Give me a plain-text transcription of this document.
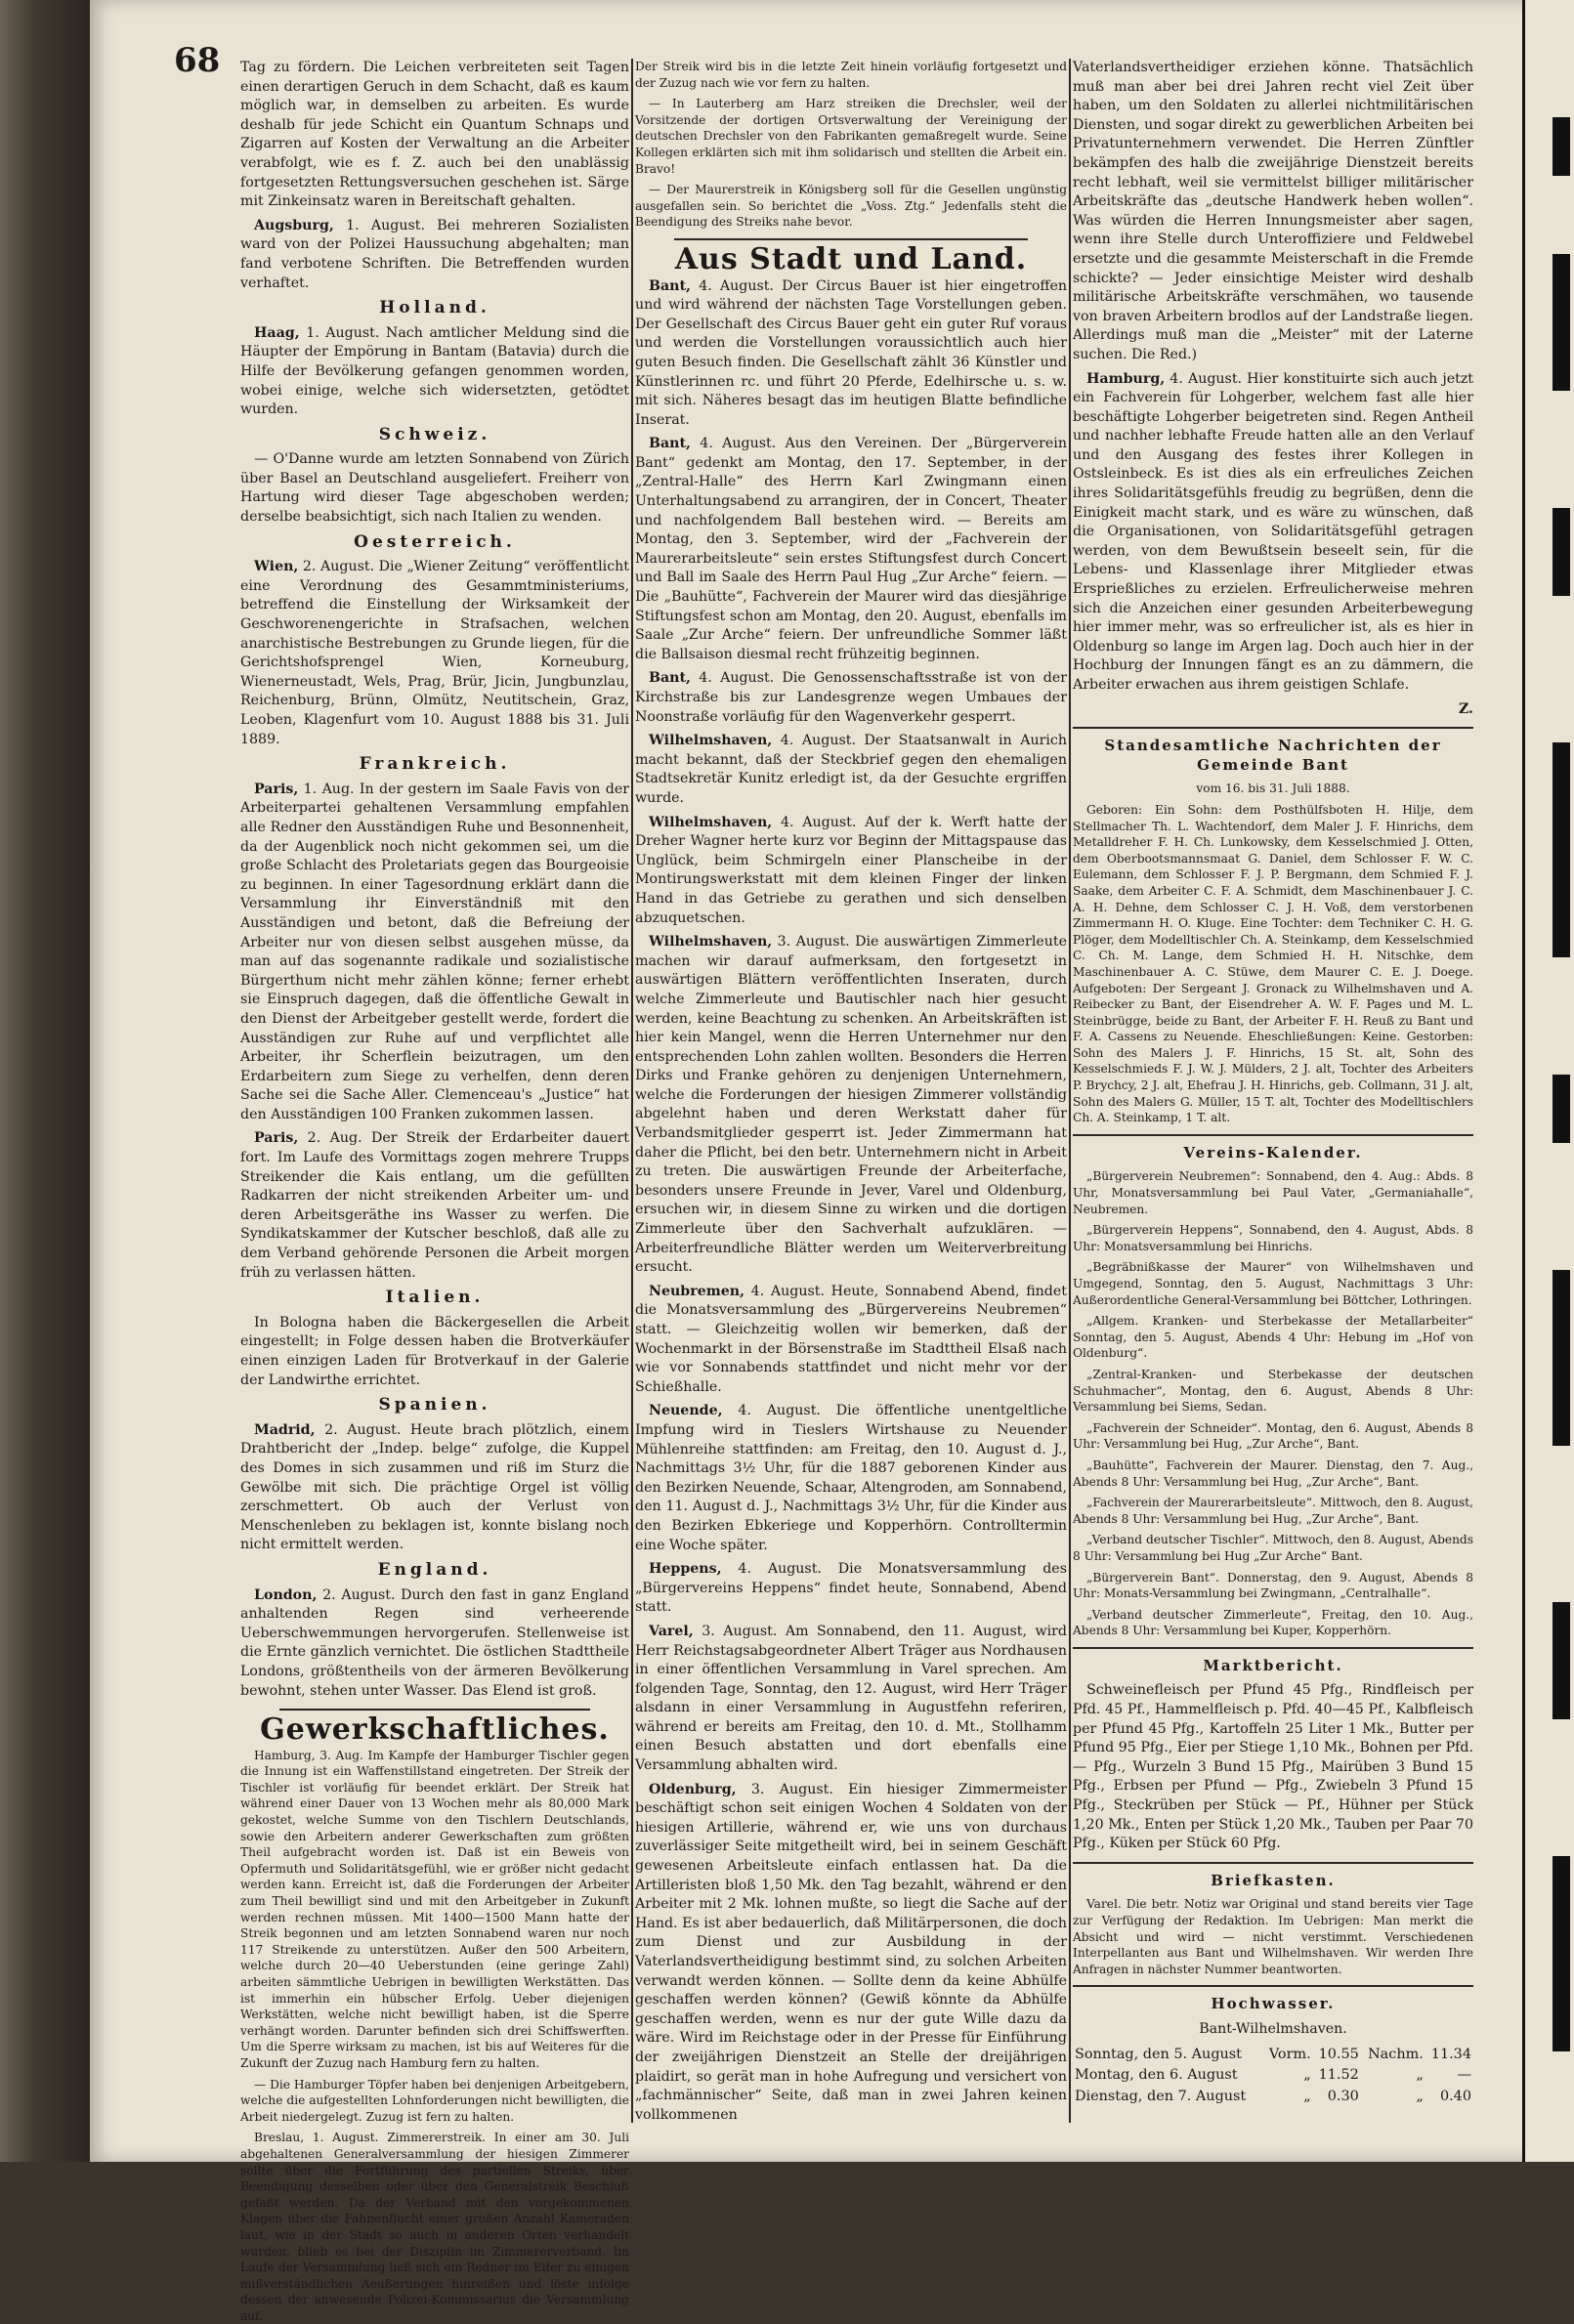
68 Tag zu fördern. Die Leichen verbreiteten seit Tagen einen derartigen Geruch in dem Schacht, daß es kaum möglich war, in demselben zu arbeiten. Es wurde deshalb für jede Schicht ein Quantum Schnaps und Zigarren auf Kosten der Verwaltung an die Arbeiter verabfolgt, wie es f. Z. auch bei den unablässig fortgesetzten Rettungsversuchen geschehen ist. Särge mit Zinkeinsatz waren in Bereitschaft gehalten.

Augsburg, 1. August. Bei mehreren Sozialisten ward von der Polizei Haussuchung abgehalten; man fand verbotene Schriften. Die Betreffenden wurden verhaftet.

Holland.

Haag, 1. August. Nach amtlicher Meldung sind die Häupter der Empörung in Bantam (Batavia) durch die Hilfe der Bevölkerung gefangen genommen worden, wobei einige, welche sich widersetzten, getödtet wurden.

Schweiz.

— O'Danne wurde am letzten Sonnabend von Zürich über Basel an Deutschland ausgeliefert. Freiherr von Hartung wird dieser Tage abgeschoben werden; derselbe beabsichtigt, sich nach Italien zu wenden.

Oesterreich.

Wien, 2. August. Die „Wiener Zeitung“ veröffentlicht eine Verordnung des Gesammtministeriums, betreffend die Einstellung der Wirksamkeit der Geschworenengerichte in Strafsachen, welchen anarchistische Bestrebungen zu Grunde liegen, für die Gerichtshofsprengel Wien, Korneuburg, Wienerneustadt, Wels, Prag, Brür, Jicin, Jungbunzlau, Reichenburg, Brünn, Olmütz, Neutitschein, Graz, Leoben, Klagenfurt vom 10. August 1888 bis 31. Juli 1889.

Frankreich.

Paris, 1. Aug. In der gestern im Saale Favis von der Arbeiterpartei gehaltenen Versammlung empfahlen alle Redner den Ausständigen Ruhe und Besonnenheit, da der Augenblick noch nicht gekommen sei, um die große Schlacht des Proletariats gegen das Bourgeoisie zu beginnen. In einer Tagesordnung erklärt dann die Versammlung ihr Einverständniß mit den Ausständigen und betont, daß die Befreiung der Arbeiter nur von diesen selbst ausgehen müsse, da man auf das sogenannte radikale und sozialistische Bürgerthum nicht mehr zählen könne; ferner erhebt sie Einspruch dagegen, daß die öffentliche Gewalt in den Dienst der Arbeitgeber gestellt werde, fordert die Ausständigen zur Ruhe auf und verpflichtet alle Arbeiter, ihr Scherflein beizutragen, um den Erdarbeitern zum Siege zu verhelfen, denn deren Sache sei die Sache Aller. Clemenceau's „Justice“ hat den Ausständigen 100 Franken zukommen lassen.

Paris, 2. Aug. Der Streik der Erdarbeiter dauert fort. Im Laufe des Vormittags zogen mehrere Trupps Streikender die Kais entlang, um die gefüllten Radkarren der nicht streikenden Arbeiter um- und deren Arbeitsgeräthe ins Wasser zu werfen. Die Syndikatskammer der Kutscher beschloß, daß alle zu dem Verband gehörende Personen die Arbeit morgen früh zu verlassen hätten.

Italien.

In Bologna haben die Bäckergesellen die Arbeit eingestellt; in Folge dessen haben die Brotverkäufer einen einzigen Laden für Brotverkauf in der Galerie der Landwirthe errichtet.

Spanien.

Madrid, 2. August. Heute brach plötzlich, einem Drahtbericht der „Indep. belge“ zufolge, die Kuppel des Domes in sich zusammen und riß im Sturz die Gewölbe mit sich. Die prächtige Orgel ist völlig zerschmettert. Ob auch der Verlust von Menschenleben zu beklagen ist, konnte bislang noch nicht ermittelt werden.

England.

London, 2. August. Durch den fast in ganz England anhaltenden Regen sind verheerende Ueberschwemmungen hervorgerufen. Stellenweise ist die Ernte gänzlich vernichtet. Die östlichen Stadttheile Londons, größtentheils von der ärmeren Bevölkerung bewohnt, stehen unter Wasser. Das Elend ist groß.

Gewerkschaftliches.

Hamburg, 3. Aug. Im Kampfe der Hamburger Tischler gegen die Innung ist ein Waffenstillstand eingetreten. Der Streik der Tischler ist vorläufig für beendet erklärt. Der Streik hat während einer Dauer von 13 Wochen mehr als 80,000 Mark gekostet, welche Summe von den Tischlern Deutschlands, sowie den Arbeitern anderer Gewerkschaften zum größten Theil aufgebracht worden ist. Daß ist ein Beweis von Opfermuth und Solidaritätsgefühl, wie er größer nicht gedacht werden kann. Erreicht ist, daß die Forderungen der Arbeiter zum Theil bewilligt sind und mit den Arbeitgeber in Zukunft werden rechnen müssen. Mit 1400—1500 Mann hatte der Streik begonnen und am letzten Sonnabend waren nur noch 117 Streikende zu unterstützen. Außer den 500 Arbeitern, welche durch 20—40 Ueberstunden (eine geringe Zahl) arbeiten sämmtliche Uebrigen in bewilligten Werkstätten. Das ist immerhin ein hübscher Erfolg. Ueber diejenigen Werkstätten, welche nicht bewilligt haben, ist die Sperre verhängt worden. Darunter befinden sich drei Schiffswerften. Um die Sperre wirksam zu machen, ist bis auf Weiteres für die Zukunft der Zuzug nach Hamburg fern zu halten.

— Die Hamburger Töpfer haben bei denjenigen Arbeitgebern, welche die aufgestellten Lohnforderungen nicht bewilligten, die Arbeit niedergelegt. Zuzug ist fern zu halten.

Breslau, 1. August. Zimmererstreik. In einer am 30. Juli abgehaltenen Generalversammlung der hiesigen Zimmerer sollte über die Fortführung des partiellen Streiks, über Beendigung desselben oder über den Generalstreik Beschluß gefaßt werden. Da der Verband mit den vorgekommenen Klagen über die Fahnenflucht einer großen Anzahl Kameraden laut, wie in der Stadt so auch in anderen Orten verhandelt wurden, blieb es bei der Disziplin im Zimmererverband. Im Laufe der Versammlung ließ sich ein Redner im Eifer zu einigen mißverständlichen Aeußerungen hinreißen und löste infolge dessen der anwesende Polizei-Kommissarius die Versammlung auf.

Der Streik wird bis in die letzte Zeit hinein vorläufig fortgesetzt und der Zuzug nach wie vor fern zu halten.

— In Lauterberg am Harz streiken die Drechsler, weil der Vorsitzende der dortigen Ortsverwaltung der Vereinigung der deutschen Drechsler von den Fabrikanten gemaßregelt wurde. Seine Kollegen erklärten sich mit ihm solidarisch und stellten die Arbeit ein. Bravo!

— Der Maurerstreik in Königsberg soll für die Gesellen ungünstig ausgefallen sein. So berichtet die „Voss. Ztg.“ Jedenfalls steht die Beendigung des Streiks nahe bevor.

Aus Stadt und Land.

Bant, 4. August. Der Circus Bauer ist hier eingetroffen und wird während der nächsten Tage Vorstellungen geben. Der Gesellschaft des Circus Bauer geht ein guter Ruf voraus und werden die Vorstellungen voraussichtlich auch hier guten Besuch finden. Die Gesellschaft zählt 36 Künstler und Künstlerinnen rc. und führt 20 Pferde, Edelhirsche u. s. w. mit sich. Näheres besagt das im heutigen Blatte befindliche Inserat.

Bant, 4. August. Aus den Vereinen. Der „Bürgerverein Bant“ gedenkt am Montag, den 17. September, in der „Zentral-Halle“ des Herrn Karl Zwingmann einen Unterhaltungsabend zu arrangiren, der in Concert, Theater und nachfolgendem Ball bestehen wird. — Bereits am Montag, den 3. September, wird der „Fachverein der Maurerarbeitsleute“ sein erstes Stiftungsfest durch Concert und Ball im Saale des Herrn Paul Hug „Zur Arche“ feiern. — Die „Bauhütte“, Fachverein der Maurer wird das diesjährige Stiftungsfest schon am Montag, den 20. August, ebenfalls im Saale „Zur Arche“ feiern. Der unfreundliche Sommer läßt die Ballsaison diesmal recht frühzeitig beginnen.

Bant, 4. August. Die Genossenschaftsstraße ist von der Kirchstraße bis zur Landesgrenze wegen Umbaues der Noonstraße vorläufig für den Wagenverkehr gesperrt.

Wilhelmshaven, 4. August. Der Staatsanwalt in Aurich macht bekannt, daß der Steckbrief gegen den ehemaligen Stadtsekretär Kunitz erledigt ist, da der Gesuchte ergriffen wurde.

Wilhelmshaven, 4. August. Auf der k. Werft hatte der Dreher Wagner herte kurz vor Beginn der Mittagspause das Unglück, beim Schmirgeln einer Planscheibe in der Montirungswerkstatt mit dem kleinen Finger der linken Hand in das Getriebe zu gerathen und sich denselben abzuquetschen.

Wilhelmshaven, 3. August. Die auswärtigen Zimmerleute machen wir darauf aufmerksam, den fortgesetzt in auswärtigen Blättern veröffentlichten Inseraten, durch welche Zimmerleute und Bautischler nach hier gesucht werden, keine Beachtung zu schenken. An Arbeitskräften ist hier kein Mangel, wenn die Herren Unternehmer nur den entsprechenden Lohn zahlen wollten. Besonders die Herren Dirks und Franke gehören zu denjenigen Unternehmern, welche die Forderungen der hiesigen Zimmerer vollständig abgelehnt haben und deren Werkstatt daher für Verbandsmitglieder gesperrt ist. Jeder Zimmermann hat daher die Pflicht, bei den betr. Unternehmern nicht in Arbeit zu treten. Die auswärtigen Freunde der Arbeiterfache, besonders unsere Freunde in Jever, Varel und Oldenburg, ersuchen wir, in diesem Sinne zu wirken und die dortigen Zimmerleute über den Sachverhalt aufzuklären. — Arbeiterfreundliche Blätter werden um Weiterverbreitung ersucht.

Neubremen, 4. August. Heute, Sonnabend Abend, findet die Monatsversammlung des „Bürgervereins Neubremen“ statt. — Gleichzeitig wollen wir bemerken, daß der Wochenmarkt in der Börsenstraße im Stadttheil Elsaß nach wie vor Sonnabends stattfindet und nicht mehr vor der Schießhalle.

Neuende, 4. August. Die öffentliche unentgeltliche Impfung wird in Tieslers Wirtshause zu Neuender Mühlenreihe stattfinden: am Freitag, den 10. August d. J., Nachmittags 3½ Uhr, für die 1887 geborenen Kinder aus den Bezirken Neuende, Schaar, Altengroden, am Sonnabend, den 11. August d. J., Nachmittags 3½ Uhr, für die Kinder aus den Bezirken Ebkeriege und Kopperhörn. Controlltermin eine Woche später.

Heppens, 4. August. Die Monatsversammlung des „Bürgervereins Heppens“ findet heute, Sonnabend, Abend statt.

Varel, 3. August. Am Sonnabend, den 11. August, wird Herr Reichstagsabgeordneter Albert Träger aus Nordhausen in einer öffentlichen Versammlung in Varel sprechen. Am folgenden Tage, Sonntag, den 12. August, wird Herr Träger alsdann in einer Versammlung in Augustfehn referiren, während er bereits am Freitag, den 10. d. Mt., Stollhamm einen Besuch abstatten und dort ebenfalls eine Versammlung abhalten wird.

Oldenburg, 3. August. Ein hiesiger Zimmermeister beschäftigt schon seit einigen Wochen 4 Soldaten von der hiesigen Artillerie, während er, wie uns von durchaus zuverlässiger Seite mitgetheilt wird, bei in seinem Geschäft gewesenen Arbeitsleute einfach entlassen hat. Da die Artilleristen bloß 1,50 Mk. den Tag bezahlt, während er den Arbeiter mit 2 Mk. lohnen mußte, so liegt die Sache auf der Hand. Es ist aber bedauerlich, daß Militärpersonen, die doch zum Dienst und zur Ausbildung in der Vaterlandsvertheidigung bestimmt sind, zu solchen Arbeiten verwandt werden können. — Sollte denn da keine Abhülfe geschaffen werden können? (Gewiß könnte da Abhülfe geschaffen werden, wenn es nur der gute Wille dazu da wäre. Wird im Reichstage oder in der Presse für Einführung der zweijährigen Dienstzeit an Stelle der dreijährigen plaidirt, so gerät man in hohe Aufregung und versichert von „fachmännischer“ Seite, daß man in zwei Jahren keinen vollkommenen

Vaterlandsvertheidiger erziehen könne. Thatsächlich muß man aber bei drei Jahren recht viel Zeit über haben, um den Soldaten zu allerlei nichtmilitärischen Diensten, und sogar direkt zu gewerblichen Arbeiten bei Privatunternehmern verwendet. Die Herren Zünftler bekämpfen des halb die zweijährige Dienstzeit bereits recht lebhaft, weil sie vermittelst billiger militärischer Arbeitskräfte das „deutsche Handwerk heben wollen“. Was würden die Herren Innungsmeister aber sagen, wenn ihre Stelle durch Unteroffiziere und Feldwebel ersetzte und die gesammte Meisterschaft in die Fremde schickte? — Jeder einsichtige Meister wird deshalb militärische Arbeitskräfte verschmähen, wo tausende von braven Arbeitern brodlos auf der Landstraße liegen. Allerdings muß man die „Meister“ mit der Laterne suchen. Die Red.)

Hamburg, 4. August. Hier konstituirte sich auch jetzt ein Fachverein für Lohgerber, welchem fast alle hier beschäftigte Lohgerber beigetreten sind. Regen Antheil und nachher lebhafte Freude hatten alle an den Verlauf und den Ausgang des festes ihrer Kollegen in Ostsleinbeck. Es ist dies als ein erfreuliches Zeichen ihres Solidaritätsgefühls freudig zu begrüßen, denn die Einigkeit macht stark, und es wäre zu wünschen, daß die Organisationen, von Solidaritätsgefühl getragen werden, von dem Bewußtsein beseelt sein, für die Lebens- und Klassenlage ihrer Mitglieder etwas Ersprießliches zu erzielen. Erfreulicherweise mehren sich die Anzeichen einer gesunden Arbeiterbewegung hier immer mehr, was so erfreulicher ist, als es hier in Oldenburg so lange im Argen lag. Doch auch hier in der Hochburg der Innungen fängt es an zu dämmern, die Arbeiter erwachen aus ihrem geistigen Schlafe.

Z.
Standesamtliche Nachrichten der Gemeinde Bant

vom 16. bis 31. Juli 1888.

Geboren: Ein Sohn: dem Posthülfsboten H. Hilje, dem Stellmacher Th. L. Wachtendorf, dem Maler J. F. Hinrichs, dem Metalldreher F. H. Ch. Lunkowsky, dem Kesselschmied J. Otten, dem Oberbootsmannsmaat G. Daniel, dem Schlosser F. W. C. Eulemann, dem Schlosser F. J. P. Bergmann, dem Schmied F. J. Saake, dem Arbeiter C. F. A. Schmidt, dem Maschinenbauer J. C. A. H. Dehne, dem Schlosser C. J. H. Voß, dem verstorbenen Zimmermann H. O. Kluge. Eine Tochter: dem Techniker C. H. G. Plöger, dem Modelltischler Ch. A. Steinkamp, dem Kesselschmied C. Ch. M. Lange, dem Schmied H. H. Nitschke, dem Maschinenbauer A. C. Stüwe, dem Maurer C. E. J. Doege. Aufgeboten: Der Sergeant J. Gronack zu Wilhelmshaven und A. Reibecker zu Bant, der Eisendreher A. W. F. Pages und M. L. Steinbrügge, beide zu Bant, der Arbeiter F. H. Reuß zu Bant und F. A. Cassens zu Neuende. Eheschließungen: Keine. Gestorben: Sohn des Malers J. F. Hinrichs, 15 St. alt, Sohn des Kesselschmieds F. J. W. J. Mülders, 2 J. alt, Tochter des Arbeiters P. Brychcy, 2 J. alt, Ehefrau J. H. Hinrichs, geb. Collmann, 31 J. alt, Sohn des Malers G. Müller, 15 T. alt, Tochter des Modelltischlers Ch. A. Steinkamp, 1 T. alt.

Vereins-Kalender.

„Bürgerverein Neubremen“: Sonnabend, den 4. Aug.: Abds. 8 Uhr, Monatsversammlung bei Paul Vater, „Germaniahalle“, Neubremen.

„Bürgerverein Heppens“, Sonnabend, den 4. August, Abds. 8 Uhr: Monatsversammlung bei Hinrichs.

„Begräbnißkasse der Maurer“ von Wilhelmshaven und Umgegend, Sonntag, den 5. August, Nachmittags 3 Uhr: Außerordentliche General-Versammlung bei Böttcher, Lothringen.

„Allgem. Kranken- und Sterbekasse der Metallarbeiter“ Sonntag, den 5. August, Abends 4 Uhr: Hebung im „Hof von Oldenburg“.

„Zentral-Kranken- und Sterbekasse der deutschen Schuhmacher“, Montag, den 6. August, Abends 8 Uhr: Versammlung bei Siems, Sedan.

„Fachverein der Schneider“. Montag, den 6. August, Abends 8 Uhr: Versammlung bei Hug, „Zur Arche“, Bant.

„Bauhütte“, Fachverein der Maurer. Dienstag, den 7. Aug., Abends 8 Uhr: Versammlung bei Hug, „Zur Arche“, Bant.

„Fachverein der Maurerarbeitsleute“. Mittwoch, den 8. August, Abends 8 Uhr: Versammlung bei Hug, „Zur Arche“, Bant.

„Verband deutscher Tischler“. Mittwoch, den 8. August, Abends 8 Uhr: Versammlung bei Hug „Zur Arche“ Bant.

„Bürgerverein Bant“. Donnerstag, den 9. August, Abends 8 Uhr: Monats-Versammlung bei Zwingmann, „Centralhalle“.

„Verband deutscher Zimmerleute“, Freitag, den 10. Aug., Abends 8 Uhr: Versammlung bei Kuper, Kopperhörn.

Marktbericht.

Schweinefleisch per Pfund 45 Pfg., Rindfleisch per Pfd. 45 Pf., Hammelfleisch p. Pfd. 40—45 Pf., Kalbfleisch per Pfund 45 Pfg., Kartoffeln 25 Liter 1 Mk., Butter per Pfund 95 Pfg., Eier per Stiege 1,10 Mk., Bohnen per Pfd. — Pfg., Wurzeln 3 Bund 15 Pfg., Mairüben 3 Bund 15 Pfg., Erbsen per Pfund — Pfg., Zwiebeln 3 Pfund 15 Pfg., Steckrüben per Stück — Pf., Hühner per Stück 1,20 Mk., Enten per Stück 1,20 Mk., Tauben per Paar 70 Pfg., Küken per Stück 60 Pfg.

Briefkasten.

Varel. Die betr. Notiz war Original und stand bereits vier Tage zur Verfügung der Redaktion. Im Uebrigen: Man merkt die Absicht und wird — nicht verstimmt. Verschiedenen Interpellanten aus Bant und Wilhelmshaven. Wir werden Ihre Anfragen in nächster Nummer beantworten.

Hochwasser.

Bant-Wilhelmshaven.

Sonntag, den 5. August	Vorm.	10.55	Nachm.	11.34
Montag, den 6. August	„	11.52	„	—
Dienstag, den 7. August	„	0.30	„	0.40
